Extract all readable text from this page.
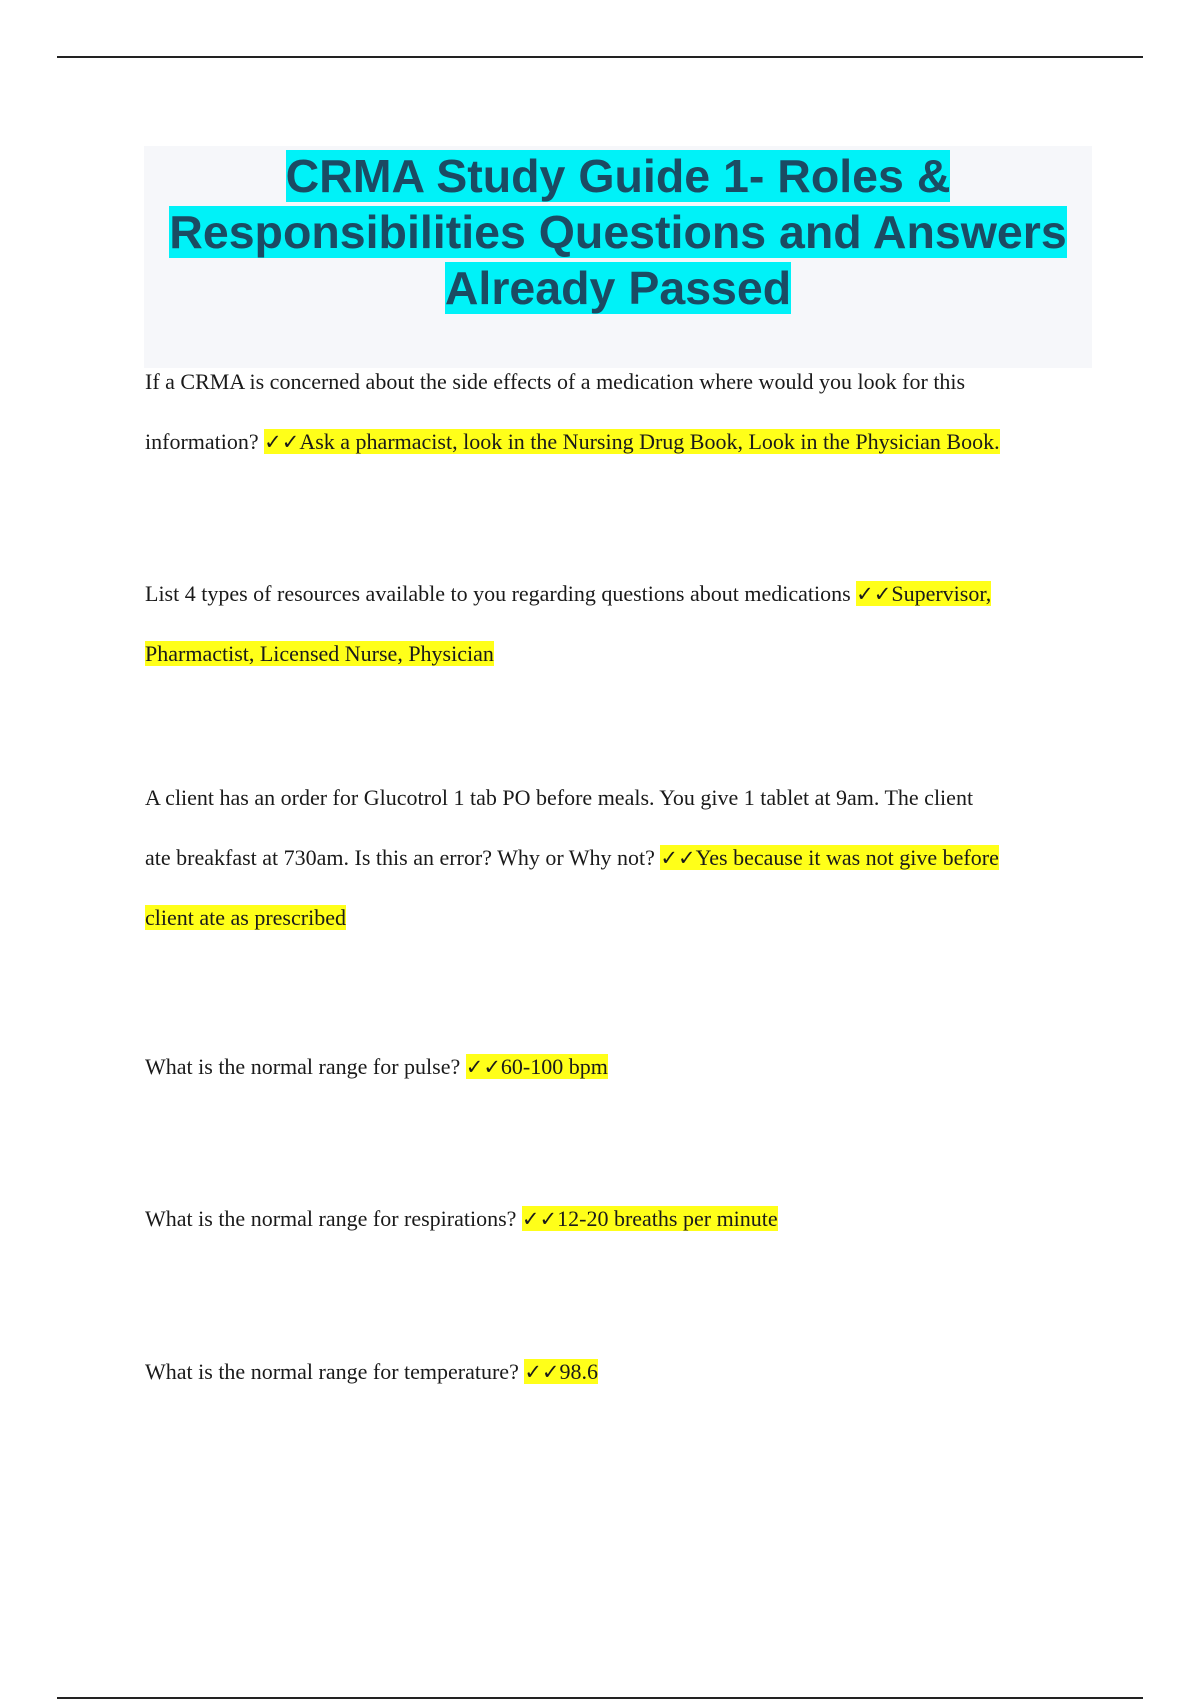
CRMA Study Guide 1- Roles &
Responsibilities Questions and Answers
Already Passed

If a CRMA is concerned about the side effects of a medication where would you look for this
information? ✓✓Ask a pharmacist, look in the Nursing Drug Book, Look in the Physician Book.

List 4 types of resources available to you regarding questions about medications ✓✓Supervisor,
Pharmactist, Licensed Nurse, Physician

A client has an order for Glucotrol 1 tab PO before meals. You give 1 tablet at 9am. The client
ate breakfast at 730am. Is this an error? Why or Why not? ✓✓Yes because it was not give before
client ate as prescribed

What is the normal range for pulse? ✓✓60-100 bpm

What is the normal range for respirations? ✓✓12-20 breaths per minute

What is the normal range for temperature? ✓✓98.6
